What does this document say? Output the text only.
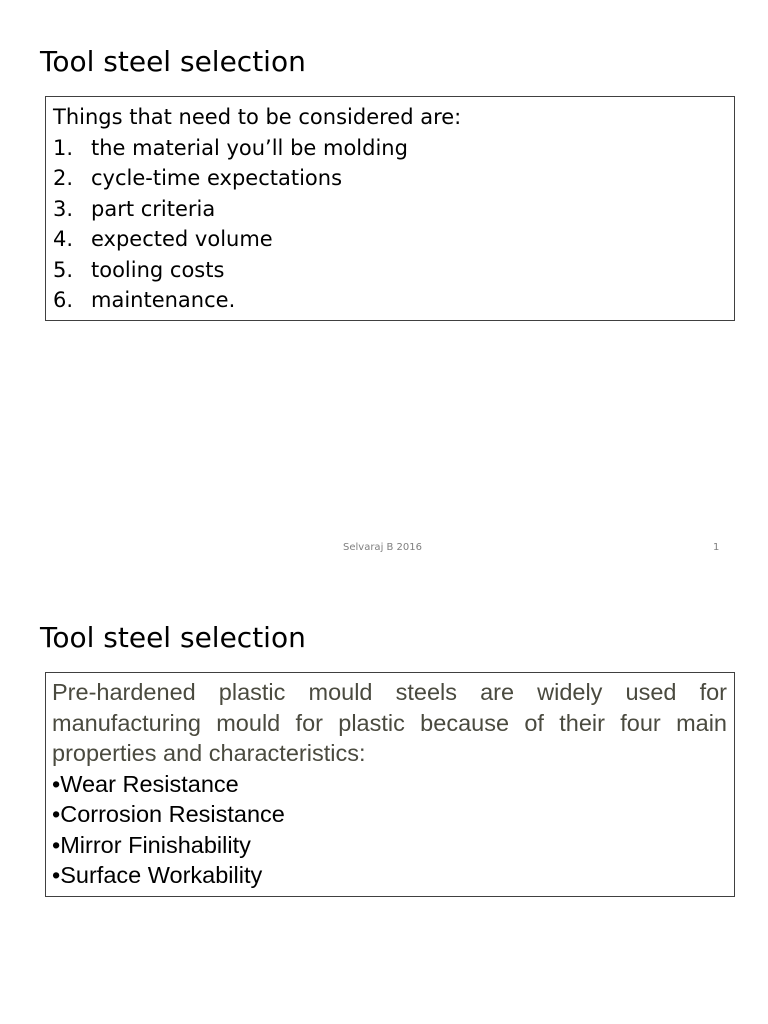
Tool steel selection
Things that need to be considered are:
1. the material you’ll be molding
2. cycle-time expectations
3. part criteria
4. expected volume
5. tooling costs
6. maintenance.
Selvaraj B 2016	1
Tool steel selection

Pre-hardened plastic mould steels are widely used for manufacturing mould for plastic because of their four main properties and characteristics:

•Wear Resistance
•Corrosion Resistance
•Mirror Finishability
•Surface Workability
